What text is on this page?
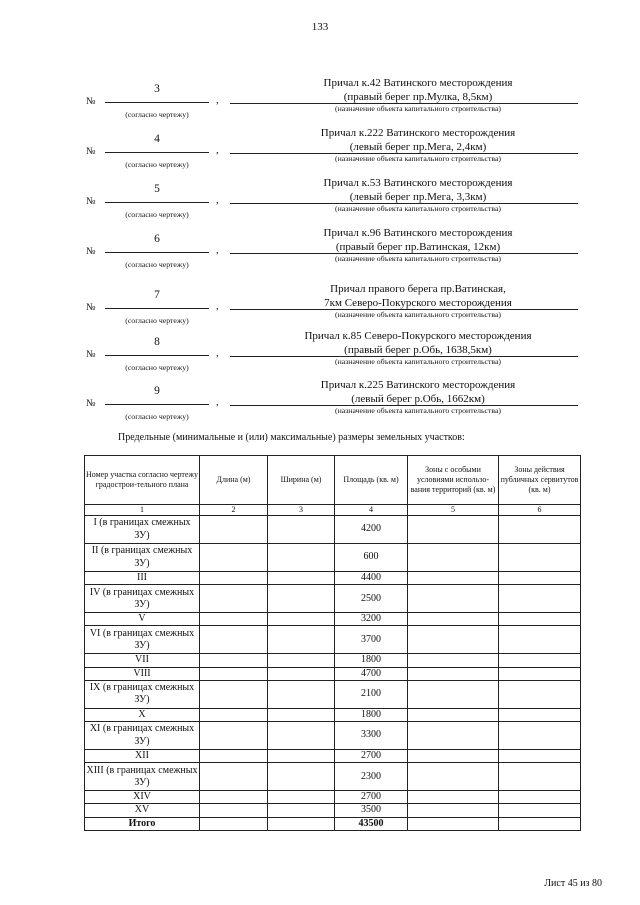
133
№
3
(согласно чертежу)
,
Причал к.42 Ватинского месторождения
(правый берег пр.Мулка, 8,5км)
(назначение объекта капитального строительства)
№
4
(согласно чертежу)
,
Причал к.222 Ватинского месторождения
(левый берег пр.Мега, 2,4км)
(назначение объекта капитального строительства)
№
5
(согласно чертежу)
,
Причал к.53 Ватинского месторождения
(левый берег пр.Мега, 3,3км)
(назначение объекта капитального строительства)
№
6
(согласно чертежу)
,
Причал к.96 Ватинского месторождения
(правый берег пр.Ватинская, 12км)
(назначение объекта капитального строительства)
№
7
(согласно чертежу)
,
Причал правого берега пр.Ватинская,
7км Северо-Покурского месторождения
(назначение объекта капитального строительства)
№
8
(согласно чертежу)
,
Причал к.85 Северо-Покурского месторождения
(правый берег р.Обь, 1638,5км)
(назначение объекта капитального строительства)
№
9
(согласно чертежу)
,
Причал к.225 Ватинского месторождения
(левый берег р.Обь, 1662км)
(назначение объекта капитального строительства)
Предельные (минимальные и (или) максимальные) размеры земельных участков:
Номер участка согласно чертежу градострои-тельного плана	Длина (м)	Ширина (м)	Площадь (кв. м)	Зоны с особыми условиями использо-вания территорий (кв. м)	Зоны действия публичных сервитутов (кв. м)
1	2	3	4	5	6
I (в границах смежных ЗУ)			4200		
II (в границах смежных ЗУ)			600		
III			4400		
IV (в границах смежных ЗУ)			2500		
V			3200		
VI (в границах смежных ЗУ)			3700		
VII			1800		
VIII			4700		
IX (в границах смежных ЗУ)			2100		
X			1800		
XI (в границах смежных ЗУ)			3300		
XII			2700		
XIII (в границах смежных ЗУ)			2300		
XIV			2700		
XV			3500		
Итого			43500		
Лист 45 из 80
